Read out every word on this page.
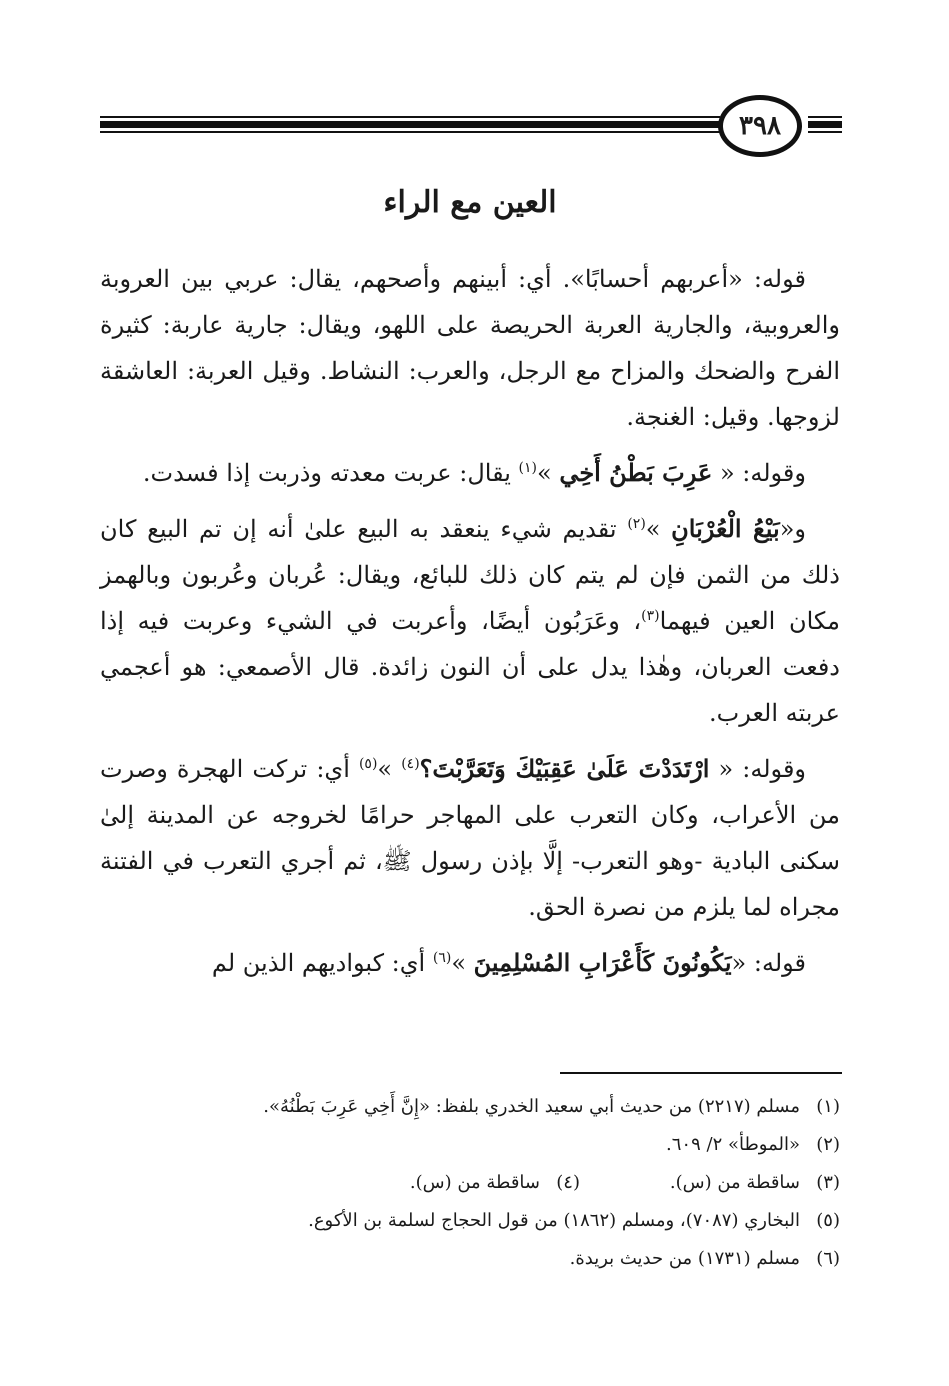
٣٩٨
العين مع الراء

قوله: «أعربهم أحسابًا». أي: أبينهم وأصحهم، يقال: عربي بين العروبة والعروبية، والجارية العربة الحريصة على اللهو، ويقال: جارية عاربة: كثيرة الفرح والضحك والمزاح مع الرجل، والعرب: النشاط. وقيل العربة: العاشقة لزوجها. وقيل: الغنجة.

وقوله: « عَرِبَ بَطْنُ أَخِي »$^{(١)}$ يقال: عربت معدته وذربت إذا فسدت.

و«بَيْعُ الْعُرْبَانِ »$^{(٢)}$ تقديم شيء ينعقد به البيع علىٰ أنه إن تم البيع كان ذلك من الثمن فإن لم يتم كان ذلك للبائع، ويقال: عُربان وعُربون وبالهمز مكان العين فيهما$^{(٣)}$، وعَرَبُون أيضًا، وأعربت في الشيء وعربت فيه إذا دفعت العربان، وهٰذا يدل على أن النون زائدة. قال الأصمعي: هو أعجمي عربته العرب.

وقوله: « ارْتَدَدْتَ عَلَىٰ عَقِبَيْكَ وَتَعَرَّبْتَ؟$^{(٤)}$ »$^{(٥)}$ أي: تركت الهجرة وصرت من الأعراب، وكان التعرب على المهاجر حرامًا لخروجه عن المدينة إلىٰ سكنى البادية -وهو التعرب- إلَّا بإذن رسول ﷺ، ثم أجري التعرب في الفتنة مجراه لما يلزم من نصرة الحق.

قوله: «يَكُونُونَ كَأَعْرَابِ المُسْلِمِينَ »$^{(٦)}$ أي: كبواديهم الذين لم

(١)
مسلم (٢٢١٧) من حديث أبي سعيد الخدري بلفظ: «إِنَّ أَخِي عَرِبَ بَطْنُهُ».
(٢)
«الموطأ» ٢/ ٦٠٩.
(٣)
ساقطة من (س).
(٤)
ساقطة من (س).
(٥)
البخاري (٧٠٨٧)، ومسلم (١٨٦٢) من قول الحجاج لسلمة بن الأكوع.
(٦)
مسلم (١٧٣١) من حديث بريدة.
